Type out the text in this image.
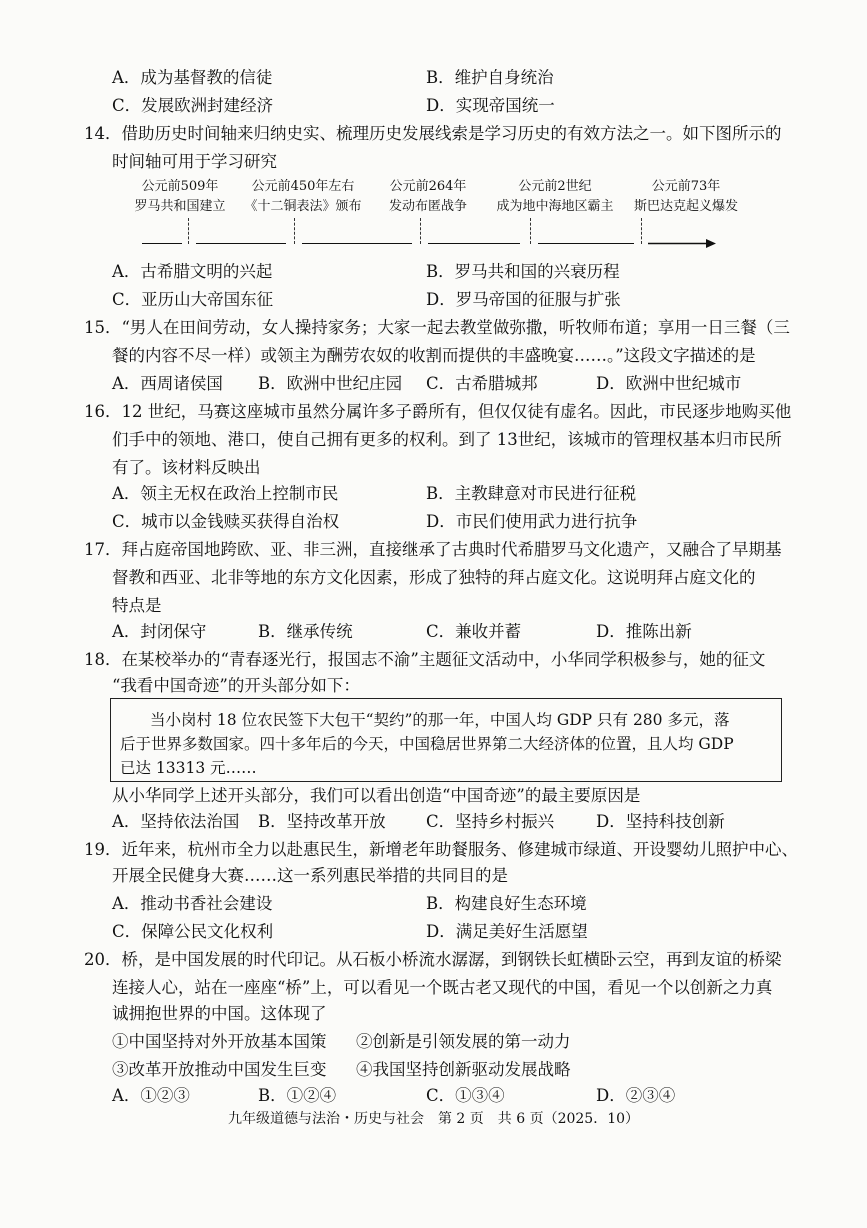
A．成为基督教的信徒	B．维护自身统治
C．发展欧洲封建经济	D．实现帝国统一
14．借助历史时间轴来归纳史实、梳理历史发展线索是学习历史的有效方法之一。如下图所示的
时间轴可用于学习研究
公元前509年
罗马共和国建立
公元前450年左右
《十二铜表法》颁布
公元前264年
发动布匿战争
公元前2世纪
成为地中海地区霸主
公元前73年
斯巴达克起义爆发
A．古希腊文明的兴起	B．罗马共和国的兴衰历程
C．亚历山大帝国东征	D．罗马帝国的征服与扩张
15．“男人在田间劳动，女人操持家务；大家一起去教堂做弥撒，听牧师布道；享用一日三餐（三
餐的内容不尽一样）或领主为酬劳农奴的收割而提供的丰盛晚宴……。”这段文字描述的是
A．西周诸侯国 B．欧洲中世纪庄园 C．古希腊城邦	D．欧洲中世纪城市
16．12 世纪，马赛这座城市虽然分属许多子爵所有，但仅仅徒有虚名。因此，市民逐步地购买他
们手中的领地、港口，使自己拥有更多的权利。到了 13世纪，该城市的管理权基本归市民所
有了。该材料反映出
A．领主无权在政治上控制市民	B．主教肆意对市民进行征税
C．城市以金钱赎买获得自治权	D．市民们使用武力进行抗争
17．拜占庭帝国地跨欧、亚、非三洲，直接继承了古典时代希腊罗马文化遗产，又融合了早期基
督教和西亚、北非等地的东方文化因素，形成了独特的拜占庭文化。这说明拜占庭文化的
特点是
A．封闭保守	B．继承传统	C．兼收并蓄	D．推陈出新
18．在某校举办的“青春逐光行，报国志不渝”主题征文活动中，小华同学积极参与，她的征文
“我看中国奇迹”的开头部分如下：
当小岗村 18 位农民签下大包干“契约”的那一年，中国人均 GDP 只有 280 多元，落
后于世界多数国家。四十多年后的今天，中国稳居世界第二大经济体的位置，且人均 GDP
已达 13313 元……
从小华同学上述开头部分，我们可以看出创造“中国奇迹”的最主要原因是
A．坚持依法治国 B．坚持改革开放 C．坚持乡村振兴	D．坚持科技创新
19．近年来，杭州市全力以赴惠民生，新增老年助餐服务、修建城市绿道、开设婴幼儿照护中心、
开展全民健身大赛……这一系列惠民举措的共同目的是
A．推动书香社会建设	B．构建良好生态环境
C．保障公民文化权利	D．满足美好生活愿望
20．桥，是中国发展的时代印记。从石板小桥流水潺潺，到钢铁长虹横卧云空，再到友谊的桥梁
连接人心，站在一座座“桥”上，可以看见一个既古老又现代的中国，看见一个以创新之力真
诚拥抱世界的中国。这体现了
①中国坚持对外开放基本国策 ②创新是引领发展的第一动力
③改革开放推动中国发生巨变 ④我国坚持创新驱动发展战略
A．①②③	B．①②④	C．①③④	D．②③④
九年级道德与法治・历史与社会　第 2 页　共 6 页（2025．10）
